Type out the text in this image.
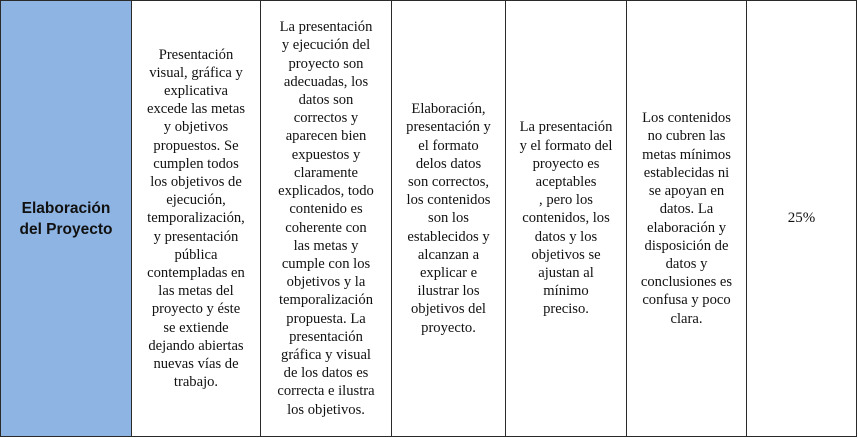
Elaboración
del Proyecto

Presentación
visual, gráfica y
explicativa
excede las metas
y objetivos
propuestos. Se
cumplen todos
los objetivos de
ejecución,
temporalización,
y presentación
pública
contempladas en
las metas del
proyecto y éste
se extiende
dejando abiertas
nuevas vías de
trabajo.

La presentación
y ejecución del
proyecto son
adecuadas, los
datos son
correctos y
aparecen bien
expuestos y
claramente
explicados, todo
contenido es
coherente con
las metas y
cumple con los
objetivos y la
temporalización
propuesta. La
presentación
gráfica y visual
de los datos es
correcta e ilustra
los objetivos.

Elaboración,
presentación y
el formato
delos datos
son correctos,
los contenidos
son los
establecidos y
alcanzan a
explicar e
ilustrar los
objetivos del
proyecto.

La presentación
y el formato del
proyecto es
aceptables
, pero los
contenidos, los
datos y los
objetivos se
ajustan al
mínimo
preciso.

Los contenidos
no cubren las
metas mínimos
establecidas ni
se apoyan en
datos. La
elaboración y
disposición de
datos y
conclusiones es
confusa y poco
clara.

25%
